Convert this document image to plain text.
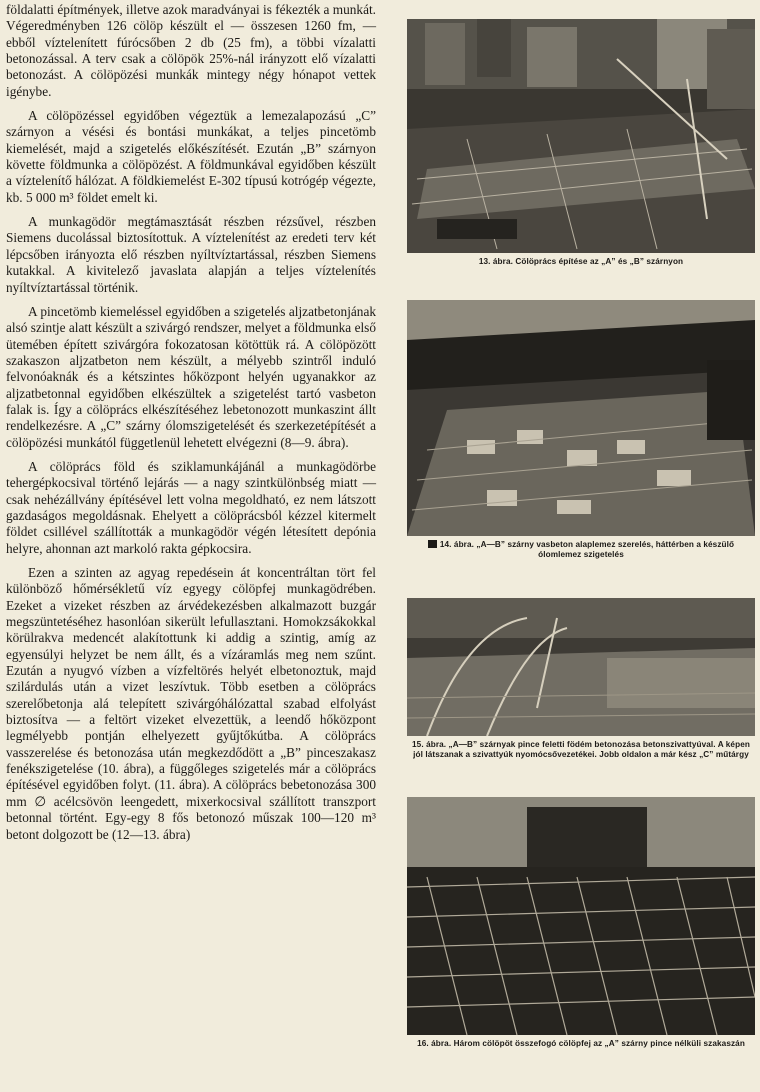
földalatti építmények, illetve azok maradványai is fékezték a munkát. Végeredményben 126 cölöp készült el — összesen 1260 fm, — ebből víztelenített fúrócsőben 2 db (25 fm), a többi vízalatti betonozással. A terv csak a cölöpök 25%-nál irányzott elő vízalatti betonozást. A cölöpözési munkák mintegy négy hónapot vettek igénybe.

A cölöpözéssel egyidőben végeztük a lemezalapozású „C” szárnyon a vésési és bontási munkákat, a teljes pincetömb kiemelését, majd a szigetelés előkészítését. Ezután „B” szárnyon követte földmunka a cölöpözést. A földmunkával egyidőben készült a víztelenítő hálózat. A földkiemelést E-302 típusú kotrógép végezte, kb. 5 000 m³ földet emelt ki.

A munkagödör megtámasztását részben rézsűvel, részben Siemens ducolással biztosítottuk. A víztelenítést az eredeti terv két lépcsőben irányozta elő részben nyíltvíztartással, részben Siemens kutakkal. A kivitelező javaslata alapján a teljes víztelenítés nyíltvíztartással történik.

A pincetömb kiemeléssel egyidőben a szigetelés aljzatbetonjának alsó szintje alatt készült a szivárgó rendszer, melyet a földmunka első ütemében épített szivárgóra fokozatosan kötöttük rá. A cölöpözött szakaszon aljzatbeton nem készült, a mélyebb szintről induló felvonóaknák és a kétszintes hőközpont helyén ugyanakkor az aljzatbetonnal egyidőben elkészültek a szigetelést tartó vasbeton falak is. Így a cölöprács elkészítéséhez lebetonozott munkaszint állt rendelkezésre. A „C” szárny ólomszigetelését és szerkezetépítését a cölöpözési munkától függetlenül lehetett elvégezni (8—9. ábra).

A cölöprács föld és sziklamunkájánál a munkagödörbe tehergépkocsival történő lejárás — a nagy szintkülönbség miatt — csak nehézállvány építésével lett volna megoldható, ez nem látszott gazdaságos megoldásnak. Ehelyett a cölöprácsból kézzel kitermelt földet csillével szállították a munkagödör végén létesített depónia helyre, ahonnan azt markoló rakta gépkocsira.

Ezen a szinten az agyag repedésein át koncentráltan tört fel különböző hőmérsékletű víz egyegy cölöpfej munkagödrében. Ezeket a vizeket részben az árvédekezésben alkalmazott buzgár megszüntetéséhez hasonlóan sikerült lefullasztani. Homokzsákokkal körülrakva medencét alakítottunk ki addig a szintig, amíg az egyensúlyi helyzet be nem állt, és a vízáramlás meg nem szűnt. Ezután a nyugvó vízben a vízfeltörés helyét elbetonoztuk, majd szilárdulás után a vizet leszívtuk. Több esetben a cölöprács szerelőbetonja alá telepített szivárgóhálózattal szabad elfolyást biztosítva — a feltört vizeket elvezettük, a leendő hőközpont legmélyebb pontján elhelyezett gyűjtőkútba. A cölöprács vasszerelése és betonozása után megkezdődött a „B” pinceszakasz fenékszigetelése (10. ábra), a függőleges szigetelés már a cölöprács építésével egyidőben folyt. (11. ábra). A cölöprács bebetonozása 300 mm ∅ acélcsövön leengedett, mixerkocsival szállított transzport betonnal történt. Egy-egy 8 fős betonozó műszak 100—120 m³ betont dolgozott be (12—13. ábra)

13. ábra. Cölöprács építése az „A” és „B” szárnyon
14. ábra. „A—B” szárny vasbeton alaplemez szerelés, háttérben a készülő ólomlemez szigetelés
15. ábra. „A—B” szárnyak pince feletti födém betonozása betonszivattyúval. A képen jól látszanak a szivattyúk nyomócsővezetékei. Jobb oldalon a már kész „C” műtárgy
16. ábra. Három cölöpöt összefogó cölöpfej az „A” szárny pince nélküli szakaszán
